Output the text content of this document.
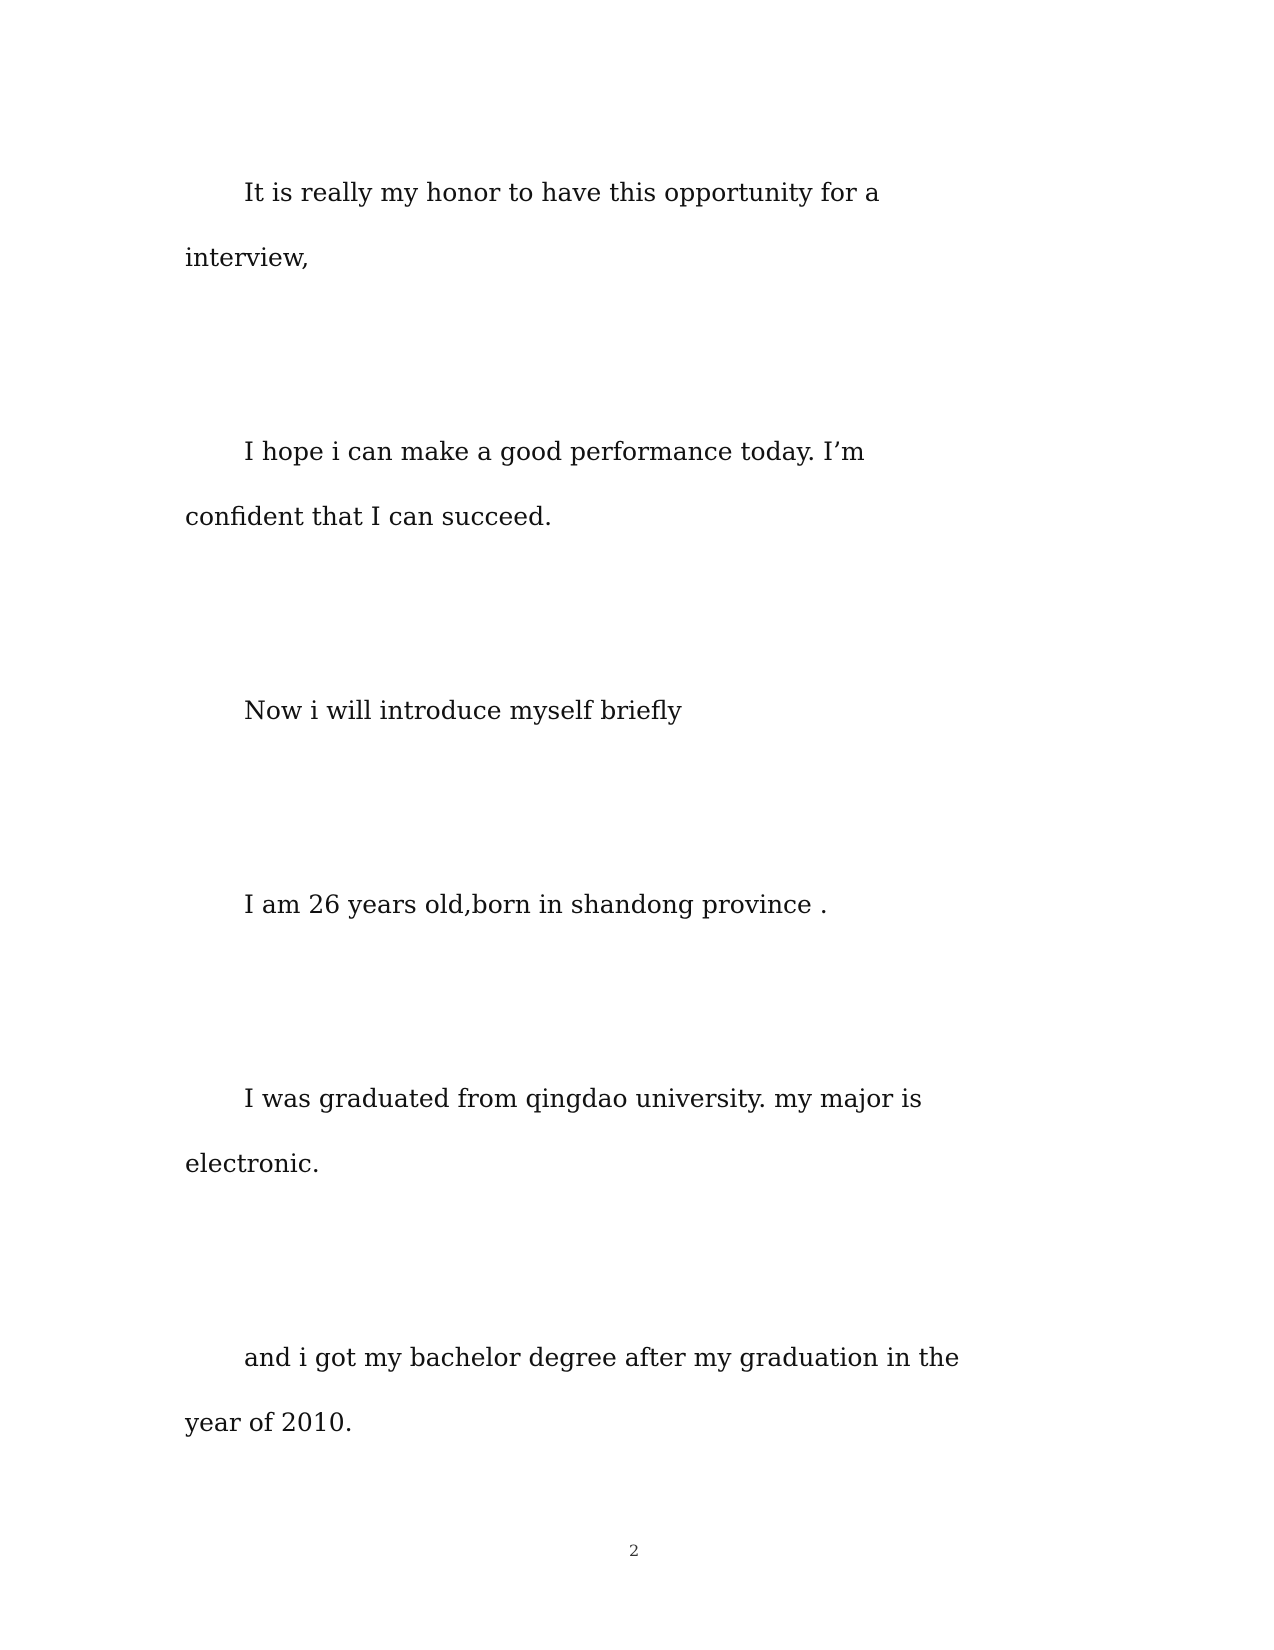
It is really my honor to have this opportunity for a
interview,
I hope i can make a good performance today. I’m
confident that I can succeed.
Now i will introduce myself briefly
I am 26 years old,born in shandong province .
I was graduated from qingdao university. my major is
electronic.
and i got my bachelor degree after my graduation in the
year of 2010.
2
